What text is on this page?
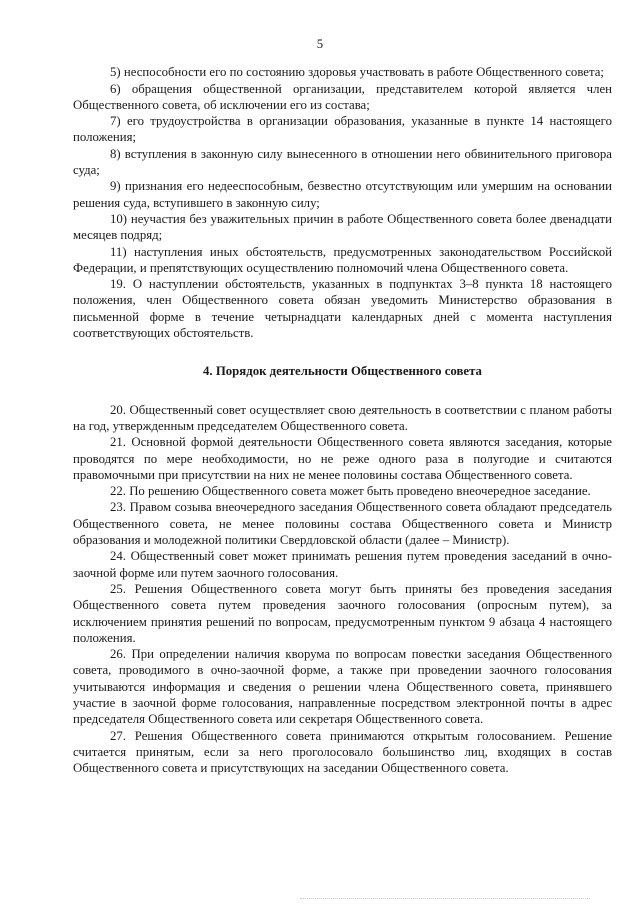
5

5) неспособности его по состоянию здоровья участвовать в работе Общественного совета;

6) обращения общественной организации, представителем которой является член Общественного совета, об исключении его из состава;

7) его трудоустройства в организации образования, указанные в пункте 14 настоящего положения;

8) вступления в законную силу вынесенного в отношении него обвинительного приговора суда;

9) признания его недееспособным, безвестно отсутствующим или умершим на основании решения суда, вступившего в законную силу;

10) неучастия без уважительных причин в работе Общественного совета более двенадцати месяцев подряд;

11) наступления иных обстоятельств, предусмотренных законодательством Российской Федерации, и препятствующих осуществлению полномочий члена Общественного совета.

19. О наступлении обстоятельств, указанных в подпунктах 3–8 пункта 18 настоящего положения, член Общественного совета обязан уведомить Министерство образования в письменной форме в течение четырнадцати календарных дней с момента наступления соответствующих обстоятельств.

4. Порядок деятельности Общественного совета

20. Общественный совет осуществляет свою деятельность в соответствии с планом работы на год, утвержденным председателем Общественного совета.

21. Основной формой деятельности Общественного совета являются заседания, которые проводятся по мере необходимости, но не реже одного раза в полугодие и считаются правомочными при присутствии на них не менее половины состава Общественного совета.

22. По решению Общественного совета может быть проведено внеочередное заседание.

23. Правом созыва внеочередного заседания Общественного совета обладают председатель Общественного совета, не менее половины состава Общественного совета и Министр образования и молодежной политики Свердловской области (далее – Министр).

24. Общественный совет может принимать решения путем проведения заседаний в очно-заочной форме или путем заочного голосования.

25. Решения Общественного совета могут быть приняты без проведения заседания Общественного совета путем проведения заочного голосования (опросным путем), за исключением принятия решений по вопросам, предусмотренным пунктом 9 абзаца 4 настоящего положения.

26. При определении наличия кворума по вопросам повестки заседания Общественного совета, проводимого в очно-заочной форме, а также при проведении заочного голосования учитываются информация и сведения о решении члена Общественного совета, принявшего участие в заочной форме голосования, направленные посредством электронной почты в адрес председателя Общественного совета или секретаря Общественного совета.

27. Решения Общественного совета принимаются открытым голосованием. Решение считается принятым, если за него проголосовало большинство лиц, входящих в состав Общественного совета и присутствующих на заседании Общественного совета.
